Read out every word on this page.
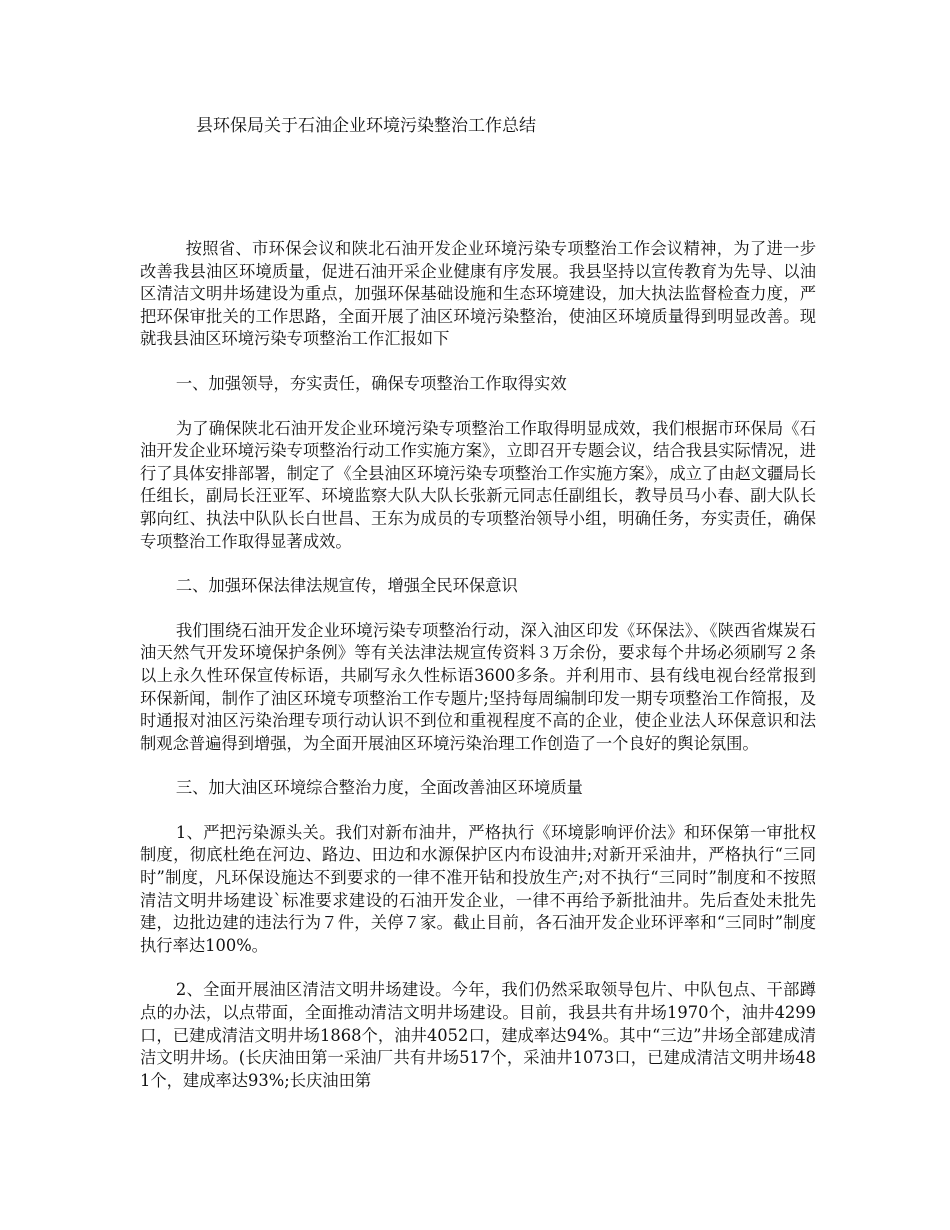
县环保局关于石油企业环境污染整治工作总结

按照省、市环保会议和陕北石油开发企业环境污染专项整治工作会议精神，为了进一步改善我县油区环境质量，促进石油开采企业健康有序发展。我县坚持以宣传教育为先导、以油区清洁文明井场建设为重点，加强环保基础设施和生态环境建设，加大执法监督检查力度，严把环保审批关的工作思路，全面开展了油区环境污染整治，使油区环境质量得到明显改善。现就我县油区环境污染专项整治工作汇报如下

一、加强领导，夯实责任，确保专项整治工作取得实效

为了确保陕北石油开发企业环境污染专项整治工作取得明显成效，我们根据市环保局《石油开发企业环境污染专项整治行动工作实施方案》，立即召开专题会议，结合我县实际情况，进行了具体安排部署，制定了《全县油区环境污染专项整治工作实施方案》，成立了由赵文疆局长任组长，副局长汪亚军、环境监察大队大队长张新元同志任副组长，教导员马小春、副大队长郭向红、执法中队队长白世昌、王东为成员的专项整治领导小组，明确任务，夯实责任，确保专项整治工作取得显著成效。

二、加强环保法律法规宣传，增强全民环保意识

我们围绕石油开发企业环境污染专项整治行动，深入油区印发《环保法》、《陕西省煤炭石油天然气开发环境保护条例》等有关法津法规宣传资料３万余份，要求每个井场必须刷写２条以上永久性环保宣传标语，共刷写永久性标语3600多条。并利用市、县有线电视台经常报到环保新闻，制作了油区环境专项整治工作专题片;坚持每周编制印发一期专项整治工作简报，及时通报对油区污染治理专项行动认识不到位和重视程度不高的企业，使企业法人环保意识和法制观念普遍得到增强，为全面开展油区环境污染治理工作创造了一个良好的舆论氛围。

三、加大油区环境综合整治力度，全面改善油区环境质量

1、严把污染源头关。我们对新布油井，严格执行《环境影响评价法》和环保第一审批权制度，彻底杜绝在河边、路边、田边和水源保护区内布设油井;对新开采油井，严格执行“三同时”制度，凡环保设施达不到要求的一律不准开钻和投放生产;对不执行“三同时”制度和不按照清洁文明井场建设`标准要求建设的石油开发企业，一律不再给予新批油井。先后查处未批先建，边批边建的违法行为７件，关停７家。截止目前，各石油开发企业环评率和“三同时”制度执行率达100%。

2、全面开展油区清洁文明井场建设。今年，我们仍然采取领导包片、中队包点、干部蹲点的办法，以点带面，全面推动清洁文明井场建设。目前，我县共有井场1970个，油井4299口，已建成清洁文明井场1868个，油井4052口，建成率达94%。其中“三边”井场全部建成清洁文明井场。(长庆油田第一采油厂共有井场517个，采油井1073口，已建成清洁文明井场481个，建成率达93%;长庆油田第
